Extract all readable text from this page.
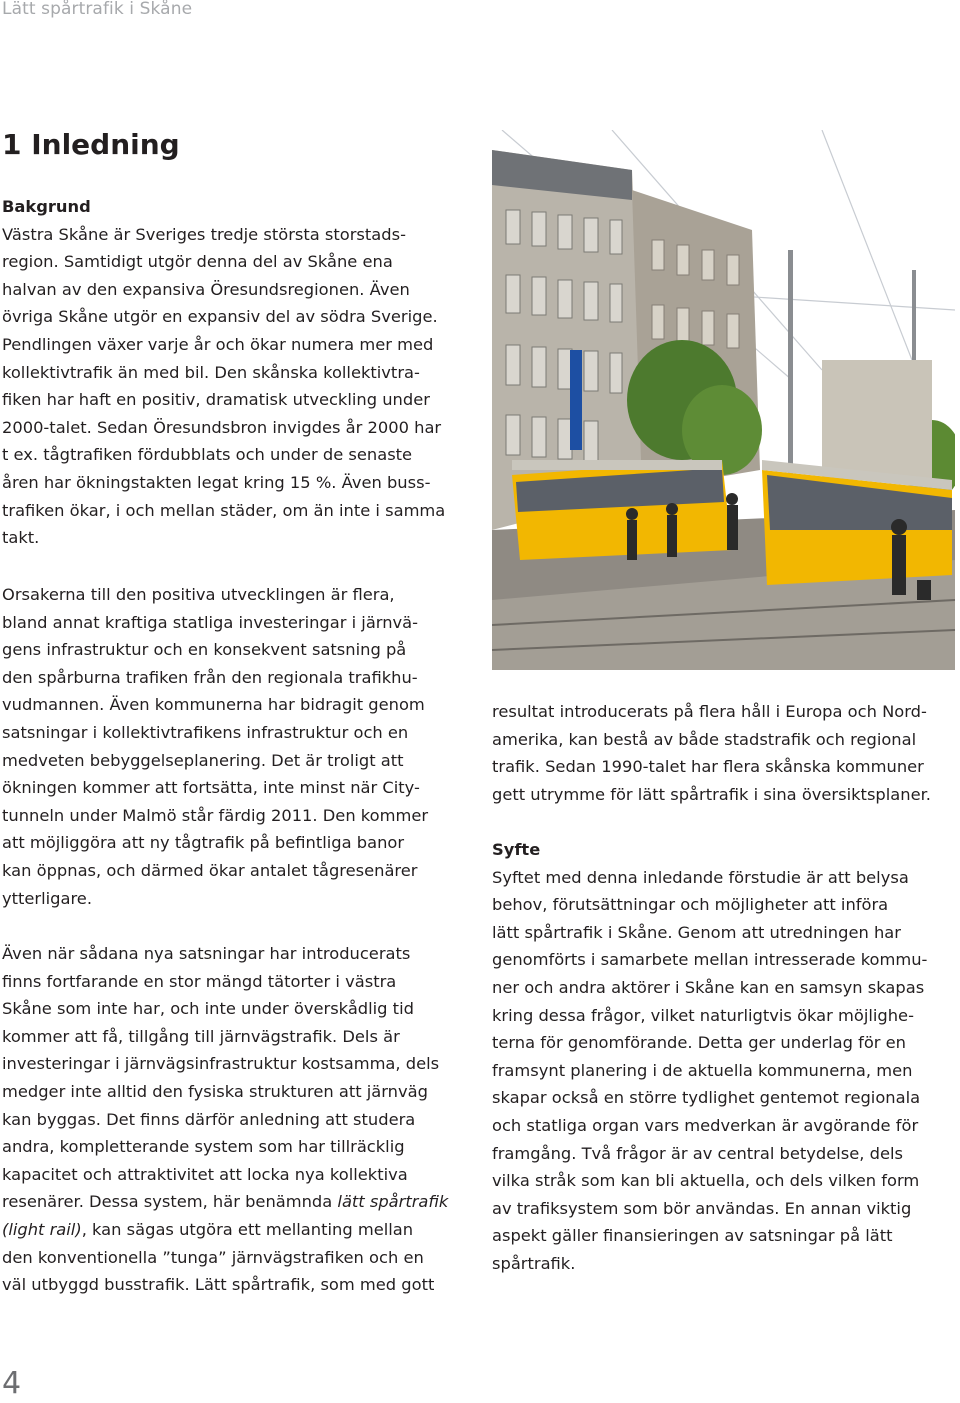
Lätt spårtrafik i Skåne
1 Inledning
Bakgrund
Västra Skåne är Sveriges tredje största storstads-
region. Samtidigt utgör denna del av Skåne ena
halvan av den expansiva Öresundsregionen. Även
övriga Skåne utgör en expansiv del av södra Sverige.
Pendlingen växer varje år och ökar numera mer med
kollektivtrafik än med bil. Den skånska kollektivtra-
fiken har haft en positiv, dramatisk utveckling under
2000-talet. Sedan Öresundsbron invigdes år 2000 har
t ex. tågtrafiken fördubblats och under de senaste
åren har ökningstakten legat kring 15 %. Även buss-
trafiken ökar, i och mellan städer, om än inte i samma
takt.
Orsakerna till den positiva utvecklingen är flera,
bland annat kraftiga statliga investeringar i järnvä-
gens infrastruktur och en konsekvent satsning på
den spårburna trafiken från den regionala trafikhu-
vudmannen. Även kommunerna har bidragit genom
satsningar i kollektivtrafikens infrastruktur och en
medveten bebyggelseplanering. Det är troligt att
ökningen kommer att fortsätta, inte minst när City-
tunneln under Malmö står färdig 2011. Den kommer
att möjliggöra att ny tågtrafik på befintliga banor
kan öppnas, och därmed ökar antalet tågresenärer
ytterligare.
Även när sådana nya satsningar har introducerats
finns fortfarande en stor mängd tätorter i västra
Skåne som inte har, och inte under överskådlig tid
kommer att få, tillgång till järnvägstrafik. Dels är
investeringar i järnvägsinfrastruktur kostsamma, dels
medger inte alltid den fysiska strukturen att järnväg
kan byggas. Det finns därför anledning att studera
andra, kompletterande system som har tillräcklig
kapacitet och attraktivitet att locka nya kollektiva
resenärer. Dessa system, här benämnda lätt spårtrafik
(light rail), kan sägas utgöra ett mellanting mellan
den konventionella ”tunga” järnvägstrafiken och en
väl utbyggd busstrafik. Lätt spårtrafik, som med gott
resultat introducerats på flera håll i Europa och Nord-
amerika, kan bestå av både stadstrafik och regional
trafik. Sedan 1990-talet har flera skånska kommuner
gett utrymme för lätt spårtrafik i sina översiktsplaner.
Syfte
Syftet med denna inledande förstudie är att belysa
behov, förutsättningar och möjligheter att införa
lätt spårtrafik i Skåne. Genom att utredningen har
genomförts i samarbete mellan intresserade kommu-
ner och andra aktörer i Skåne kan en samsyn skapas
kring dessa frågor, vilket naturligtvis ökar möjlighe-
terna för genomförande. Detta ger underlag för en
framsynt planering i de aktuella kommunerna, men
skapar också en större tydlighet gentemot regionala
och statliga organ vars medverkan är avgörande för
framgång. Två frågor är av central betydelse, dels
vilka stråk som kan bli aktuella, och dels vilken form
av trafiksystem som bör användas. En annan viktig
aspekt gäller finansieringen av satsningar på lätt
spårtrafik.
4
